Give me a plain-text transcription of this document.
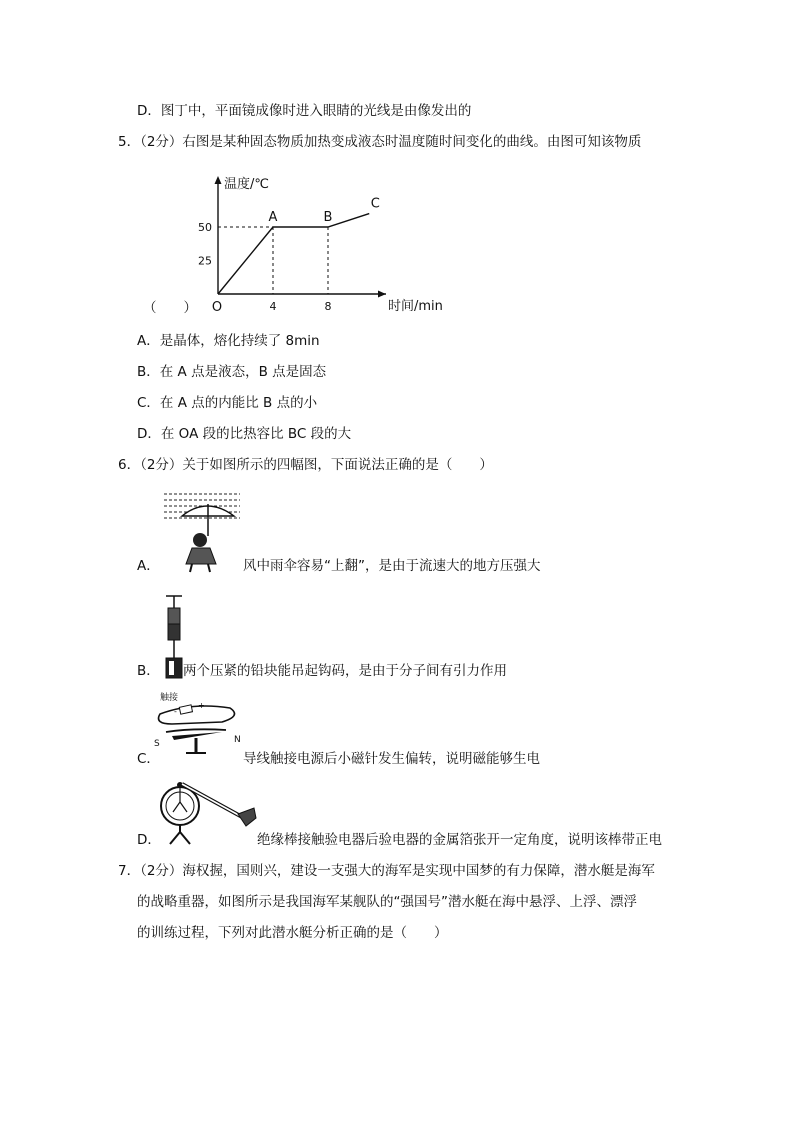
D．图丁中，平面镜成像时进入眼睛的光线是由像发出的
5．（2分）右图是某种固态物质加热变成液态时温度随时间变化的曲线。由图可知该物质
温度/℃
时间/min
O	4	8
25
50
A	B
C
（　　）
A．是晶体，熔化持续了 8min
B．在 A 点是液态，B 点是固态
C．在 A 点的内能比 B 点的小
D．在 OA 段的比热容比 BC 段的大
6．（2分）关于如图所示的四幅图，下面说法正确的是（　　）
A．	风中雨伞容易“上翻”，是由于流速大的地方压强大
B． 两个压紧的铅块能吊起钩码，是由于分子间有引力作用
触接
+
-
S	N
C．	导线触接电源后小磁针发生偏转，说明磁能够生电
D．	绝缘棒接触验电器后验电器的金属箔张开一定角度，说明该棒带正电
7．（2分）海权握，国则兴，建设一支强大的海军是实现中国梦的有力保障，潜水艇是海军
的战略重器，如图所示是我国海军某舰队的“强国号”潜水艇在海中悬浮、上浮、漂浮
的训练过程，下列对此潜水艇分析正确的是（　　）
